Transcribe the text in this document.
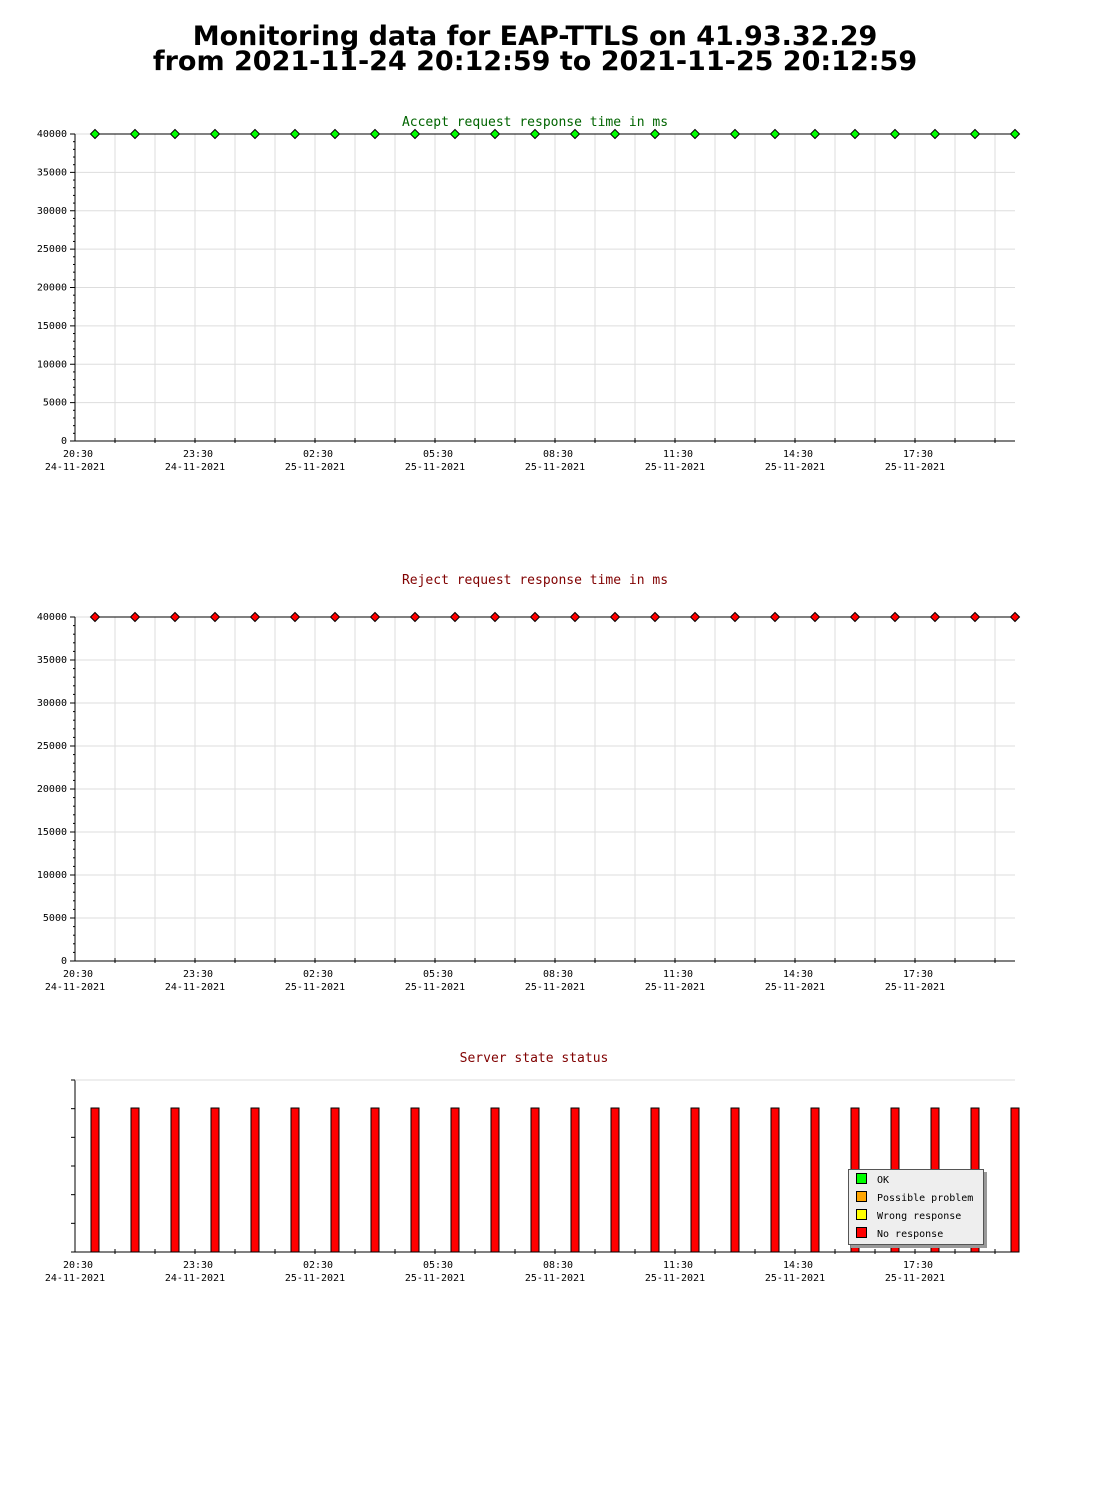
Monitoring data for EAP-TTLS on 41.93.32.29
from 2021-11-24 20:12:59 to 2021-11-25 20:12:59
Accept request response time in ms
0
5000
10000
15000
20000
25000
30000
35000
40000
20:30
24-11-2021
23:30
24-11-2021
02:30
25-11-2021
05:30
25-11-2021
08:30
25-11-2021
11:30
25-11-2021
14:30
25-11-2021
17:30
25-11-2021
Reject request response time in ms
0
5000
10000
15000
20000
25000
30000
35000
40000
20:30
24-11-2021
23:30
24-11-2021
02:30
25-11-2021
05:30
25-11-2021
08:30
25-11-2021
11:30
25-11-2021
14:30
25-11-2021
17:30
25-11-2021
Server state status
20:30
24-11-2021
23:30
24-11-2021
02:30
25-11-2021
05:30
25-11-2021
08:30
25-11-2021
11:30
25-11-2021
14:30
25-11-2021
17:30
25-11-2021
OK
Possible problem
Wrong response
No response
